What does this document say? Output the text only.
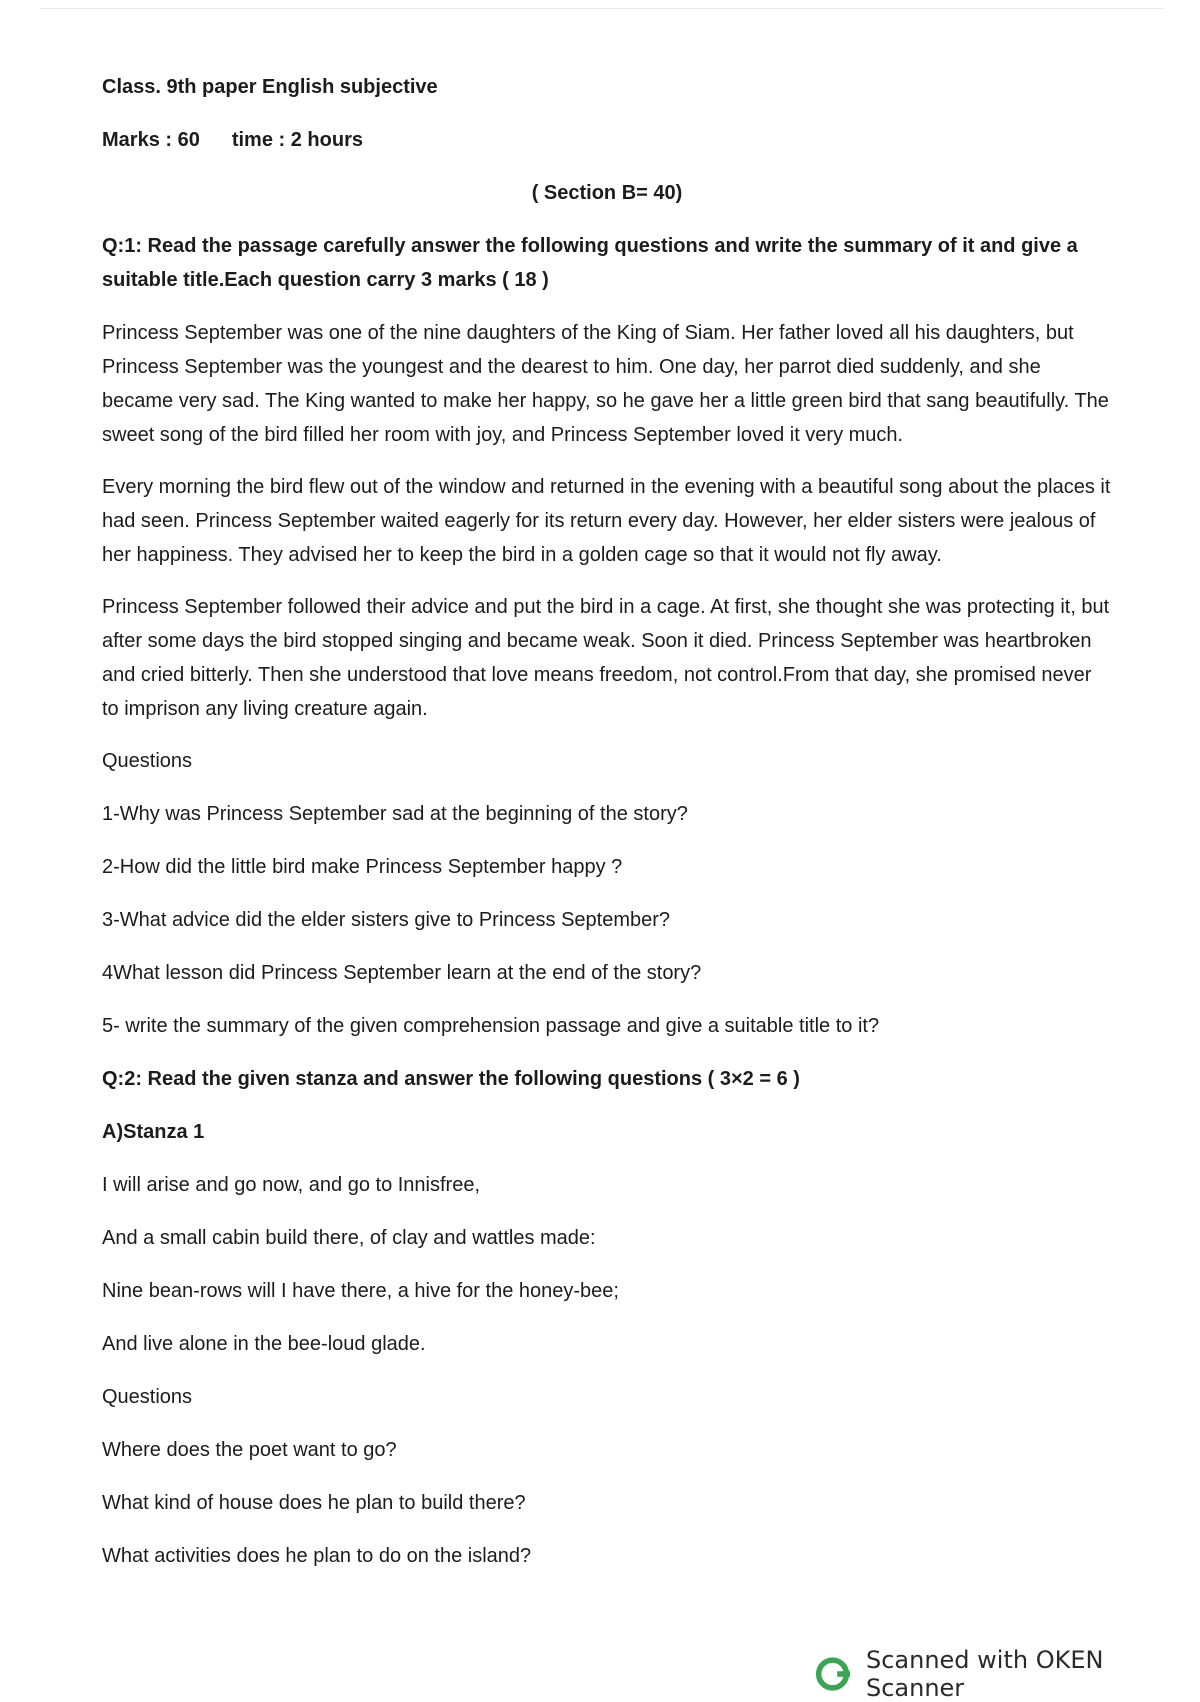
Class. 9th paper English subjective
Marks : 60 time : 2 hours
( Section B= 40)
Q:1: Read the passage carefully answer the following questions and write the summary of it and give a suitable title.Each question carry 3 marks ( 18 )

Princess September was one of the nine daughters of the King of Siam. Her father loved all his daughters, but Princess September was the youngest and the dearest to him. One day, her parrot died suddenly, and she became very sad. The King wanted to make her happy, so he gave her a little green bird that sang beautifully. The sweet song of the bird filled her room with joy, and Princess September loved it very much.

Every morning the bird flew out of the window and returned in the evening with a beautiful song about the places it had seen. Princess September waited eagerly for its return every day. However, her elder sisters were jealous of her happiness. They advised her to keep the bird in a golden cage so that it would not fly away.

Princess September followed their advice and put the bird in a cage. At first, she thought she was protecting it, but after some days the bird stopped singing and became weak. Soon it died. Princess September was heartbroken and cried bitterly. Then she understood that love means freedom, not control.From that day, she promised never to imprison any living creature again.

Questions
1-Why was Princess September sad at the beginning of the story?
2-How did the little bird make Princess September happy ?
3-What advice did the elder sisters give to Princess September?
4What lesson did Princess September learn at the end of the story?
5- write the summary of the given comprehension passage and give a suitable title to it?
Q:2: Read the given stanza and answer the following questions ( 3×2 = 6 )
A)Stanza 1
I will arise and go now, and go to Innisfree,
And a small cabin build there, of clay and wattles made:
Nine bean-rows will I have there, a hive for the honey-bee;
And live alone in the bee-loud glade.
Questions
Where does the poet want to go?
What kind of house does he plan to build there?
What activities does he plan to do on the island?
Scanned with OKEN Scanner
